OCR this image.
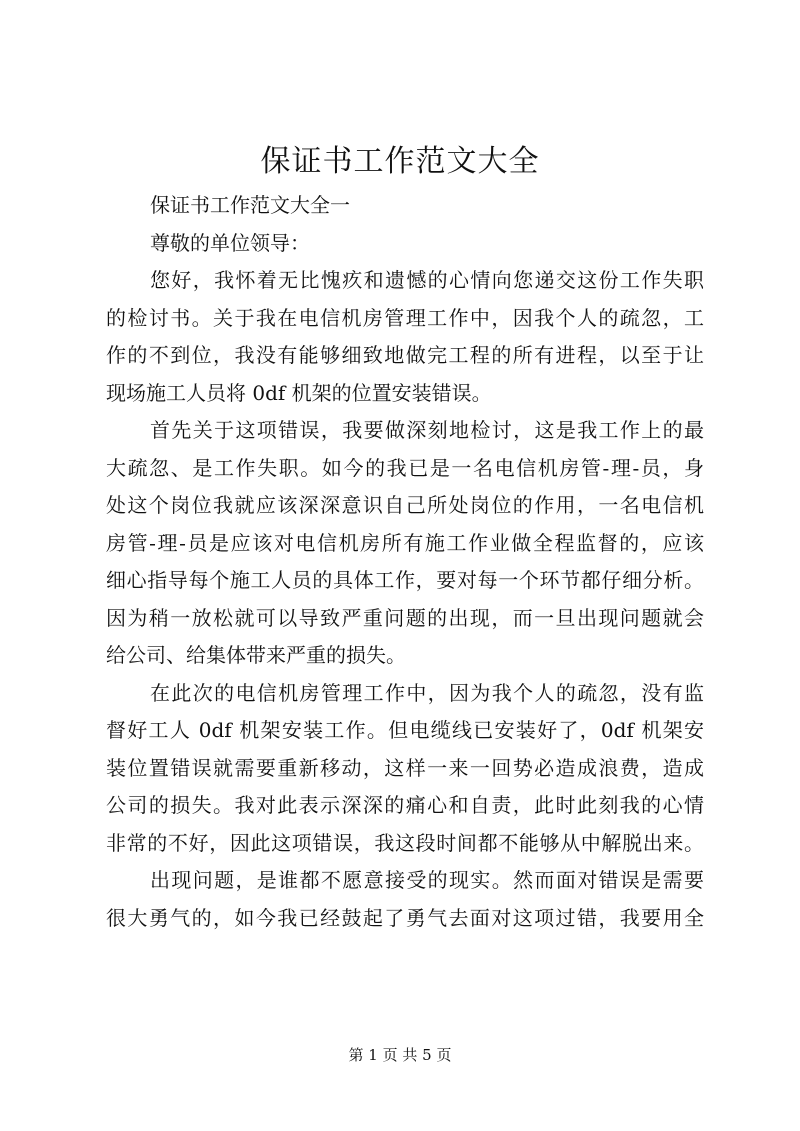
保证书工作范文大全
保证书工作范文大全一
尊敬的单位领导：
您好，我怀着无比愧疚和遗憾的心情向您递交这份工作失职
的检讨书。关于我在电信机房管理工作中，因我个人的疏忽，工
作的不到位，我没有能够细致地做完工程的所有进程，以至于让
现场施工人员将 0df 机架的位置安装错误。
首先关于这项错误，我要做深刻地检讨，这是我工作上的最
大疏忽、是工作失职。如今的我已是一名电信机房管-理-员，身
处这个岗位我就应该深深意识自己所处岗位的作用，一名电信机
房管-理-员是应该对电信机房所有施工作业做全程监督的，应该
细心指导每个施工人员的具体工作，要对每一个环节都仔细分析。
因为稍一放松就可以导致严重问题的出现，而一旦出现问题就会
给公司、给集体带来严重的损失。
在此次的电信机房管理工作中，因为我个人的疏忽，没有监
督好工人 0df 机架安装工作。但电缆线已安装好了，0df 机架安
装位置错误就需要重新移动，这样一来一回势必造成浪费，造成
公司的损失。我对此表示深深的痛心和自责，此时此刻我的心情
非常的不好，因此这项错误，我这段时间都不能够从中解脱出来。
出现问题，是谁都不愿意接受的现实。然而面对错误是需要
很大勇气的，如今我已经鼓起了勇气去面对这项过错，我要用全
第 1 页 共 5 页
